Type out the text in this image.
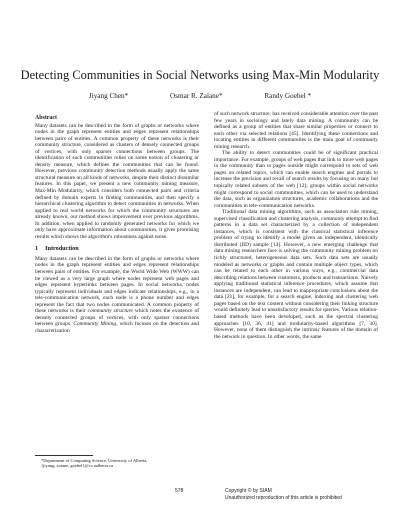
Detecting Communities in Social Networks using Max-Min Modularity
Jiyang Chen*	Osmar R. Zaïane*	Randy Goebel *
Abstract

Many datasets can be described in the form of graphs or networks where nodes in the graph represent entities and edges represent relationships between pairs of entities. A common property of these networks is their community structure, considered as clusters of densely connected groups of vertices, with only sparser connections between groups. The identification of such communities relies on some notion of clustering or density measure, which defines the communities that can be found. However, previous community detection methods usually apply the same structural measure on all kinds of networks, despite their distinct dissimilar features. In this paper, we present a new community mining measure, Max-Min Modularity, which considers both connected pairs and criteria defined by domain experts in finding communities, and then specify a hierarchical clustering algorithm to detect communities in networks. When applied to real world networks for which the community structures are already known, our method shows improvement over previous algorithms. In addition, when applied to randomly generated networks for which we only have approximate information about communities, it gives promising results which shows the algorithm's robustness against noise.

1 Introduction

Many datasets can be described in the form of graphs or networks where nodes in the graph represent entities and edges represent relationships between pairs of entities. For example, the World Wide Web (WWW) can be viewed as a very large graph where nodes represent web pages and edges represent hyperlinks between pages. In social networks, nodes typically represent individuals and edges indicate relationships, e.g., in a tele-communication network, each node is a phone number and edges represent the fact that two nodes communicated. A common property of these networks is their community structure which notes the existence of densely connected groups of vertices, with only sparser connections between groups. Community Mining, which focuses on the detection and characterization

*Department of Computing Science, University of Alberta,

{jiyang, zaiane, goebel}@cs.ualberta.ca

of such network structure, has received considerable attention over the past few years in sociology and lately data mining. A community can be defined as a group of entities that share similar properties or connect to each other via selected relations [45]. Identifying these connections and locating entities in different communities is the main goal of community mining research.

The ability to detect communities could be of significant practical importance. For example, groups of web pages that link to more web pages in the community than to pages outside might correspond to sets of web pages on related topics, which can enable search engines and portals to increase the precision and recall of search results by focusing on many but topically related subsets of the web [12]; groups within social networks might correspond to social communities, which can be used to understand the data, such as organization structures, academic collaborations and the communities in tele-communication networks.

Traditional data mining algorithms, such as association rule mining, supervised classification and clustering analysis, commonly attempt to find patterns in a data set characterized by a collection of independent instances, which is consistent with the classical statistical inference problem of trying to identify a model given an independent, identically distributed (IID) sample [14]. However, a new emerging challenge that data mining researchers face is solving the community mining problem on richly structured, heterogeneous data sets. Such data sets are usually modeled as networks or graphs and contain multiple object types, which can be related to each other in various ways, e.g., commercial data describing relations between customers, products and transactions. Naively applying traditional statistical inference procedures, which assume that instances are independent, can lead to inappropriate conclusions about the data [21], for example, for a search engine, indexing and clustering web pages based on the text content without considering their linking structure would definitely lead to unsatisfactory results for queries. Various relation-based methods have been developed, such as the spectral clustering approaches [10, 36, 41] and modularity-based algorithms [7, 30]. However, none of them distinguish the intrinsic features of the domain of the network in question. In other words, the same

578	Copyright © by SIAM
Unauthorized reproduction of this article is prohibited
